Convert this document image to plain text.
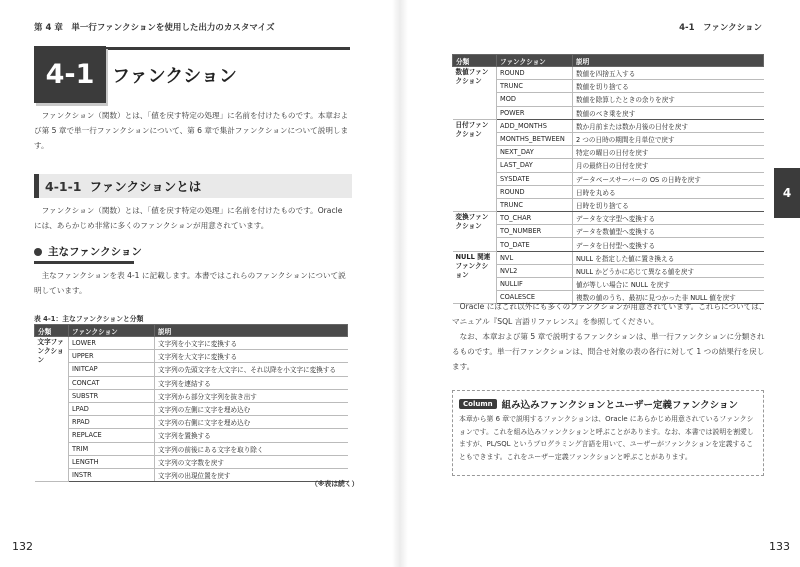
第 4 章　単一行ファンクションを使用した出力のカスタマイズ
4-1 ファンクション

ファンクション（関数）とは、「値を戻す特定の処理」に名前を付けたものです。本章および第 5 章で単一行ファンクションについて、第 6 章で集計ファンクションについて説明します。

4-1-1 ファンクションとは

ファンクション（関数）とは、「値を戻す特定の処理」に名前を付けたものです。Oracle には、あらかじめ非常に多くのファンクションが用意されています。

主なファンクション

主なファンクションを表 4-1 に記載します。本書ではこれらのファンクションについて説明しています。

表 4-1：主なファンクションと分類
分類	ファンクション	説明
文字ファンクション	LOWER	文字列を小文字に変換する
	UPPER	文字列を大文字に変換する
	INITCAP	文字列の先頭文字を大文字に、それ以降を小文字に変換する
	CONCAT	文字列を連結する
	SUBSTR	文字列から部分文字列を抜き出す
	LPAD	文字列の左側に文字を埋め込む
	RPAD	文字列の右側に文字を埋め込む
	REPLACE	文字列を置換する
	TRIM	文字列の前後にある文字を取り除く
	LENGTH	文字列の文字数を戻す
	INSTR	文字列の出現位置を戻す
（※表は続く）
132
4-1　ファンクション
133
分類	ファンクション	説明
数値ファンクション	ROUND	数値を四捨五入する
	TRUNC	数値を切り捨てる
	MOD	数値を除算したときの余りを戻す
	POWER	数値のべき乗を戻す
日付ファンクション	ADD_MONTHS	数か月前または数か月後の日付を戻す
	MONTHS_BETWEEN	2 つの日時の期間を月単位で戻す
	NEXT_DAY	特定の曜日の日付を戻す
	LAST_DAY	月の最終日の日付を戻す
	SYSDATE	データベースサーバーの OS の日時を戻す
	ROUND	日時を丸める
	TRUNC	日時を切り捨てる
変換ファンクション	TO_CHAR	データを文字型へ変換する
	TO_NUMBER	データを数値型へ変換する
	TO_DATE	データを日付型へ変換する
NULL 関連ファンクション	NVL	NULL を指定した値に置き換える
	NVL2	NULL かどうかに応じて異なる値を戻す
	NULLIF	値が等しい場合に NULL を戻す
	COALESCE	複数の値のうち、最初に見つかった非 NULL 値を戻す
4

Oracle にはこれ以外にも多くのファンクションが用意されています。これらについては、マニュアル『SQL 言語リファレンス』を参照してください。

なお、本章および第 5 章で説明するファンクションは、単一行ファンクションに分類されるものです。単一行ファンクションは、問合せ対象の表の各行に対して 1 つの結果行を戻します。

Column 組み込みファンクションとユーザー定義ファンクション

本章から第 6 章で説明するファンクションは、Oracle にあらかじめ用意されているファンクションです。これを組み込みファンクションと呼ぶことがあります。なお、本書では説明を割愛しますが、PL/SQL というプログラミング言語を用いて、ユーザーがファンクションを定義することもできます。これをユーザー定義ファンクションと呼ぶことがあります。
